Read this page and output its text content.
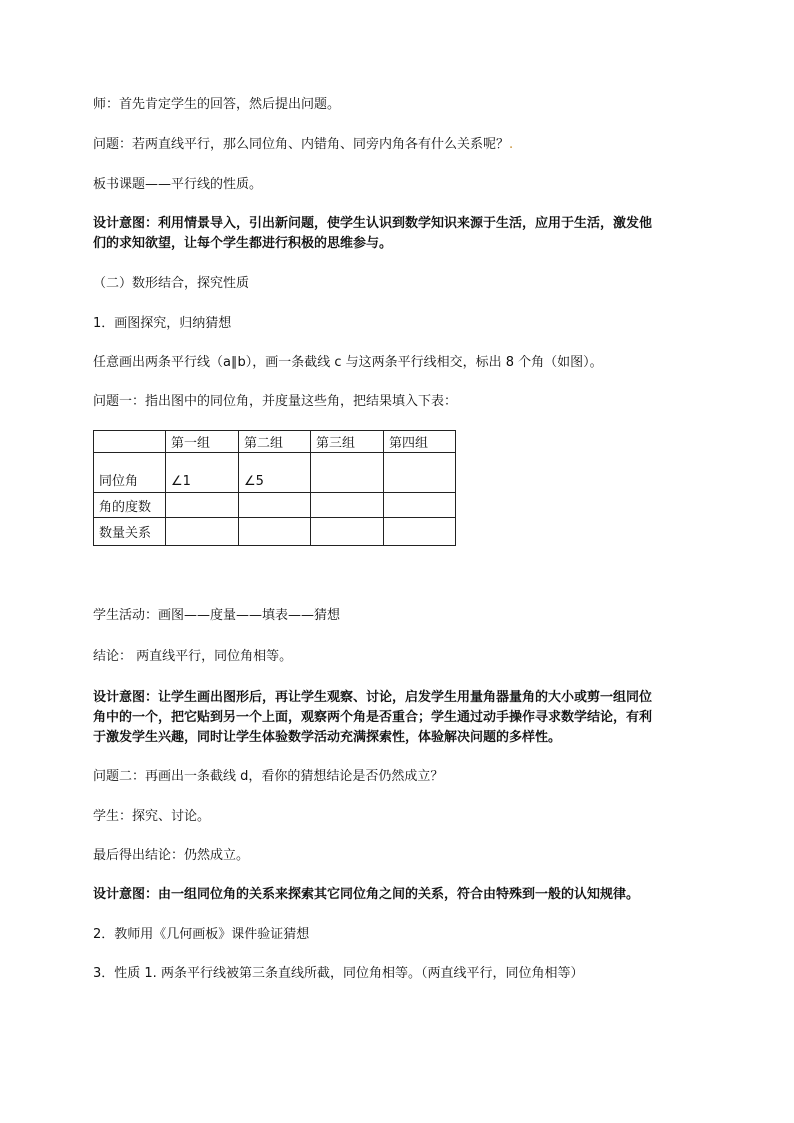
师：首先肯定学生的回答，然后提出问题。
问题：若两直线平行，那么同位角、内错角、同旁内角各有什么关系呢？.
板书课题——平行线的性质。
设计意图：利用情景导入，引出新问题，使学生认识到数学知识来源于生活，应用于生活，激发他
们的求知欲望，让每个学生都进行积极的思维参与。
（二）数形结合，探究性质
1．画图探究，归纳猜想
任意画出两条平行线（a∥b），画一条截线 c 与这两条平行线相交，标出 8 个角（如图）。
问题一：指出图中的同位角，并度量这些角，把结果填入下表：
	第一组	第二组	第三组	第四组
同位角	∠1	∠5		
角的度数				
数量关系				
学生活动：画图——度量——填表——猜想
结论： 两直线平行，同位角相等。
设计意图：让学生画出图形后，再让学生观察、讨论，启发学生用量角器量角的大小或剪一组同位
角中的一个，把它贴到另一个上面，观察两个角是否重合；学生通过动手操作寻求数学结论，有利
于激发学生兴趣，同时让学生体验数学活动充满探索性，体验解决问题的多样性。
问题二：再画出一条截线 d，看你的猜想结论是否仍然成立？
学生：探究、讨论。
最后得出结论：仍然成立。
设计意图：由一组同位角的关系来探索其它同位角之间的关系，符合由特殊到一般的认知规律。
2．教师用《几何画板》课件验证猜想
3．性质 1. 两条平行线被第三条直线所截，同位角相等。（两直线平行，同位角相等）
